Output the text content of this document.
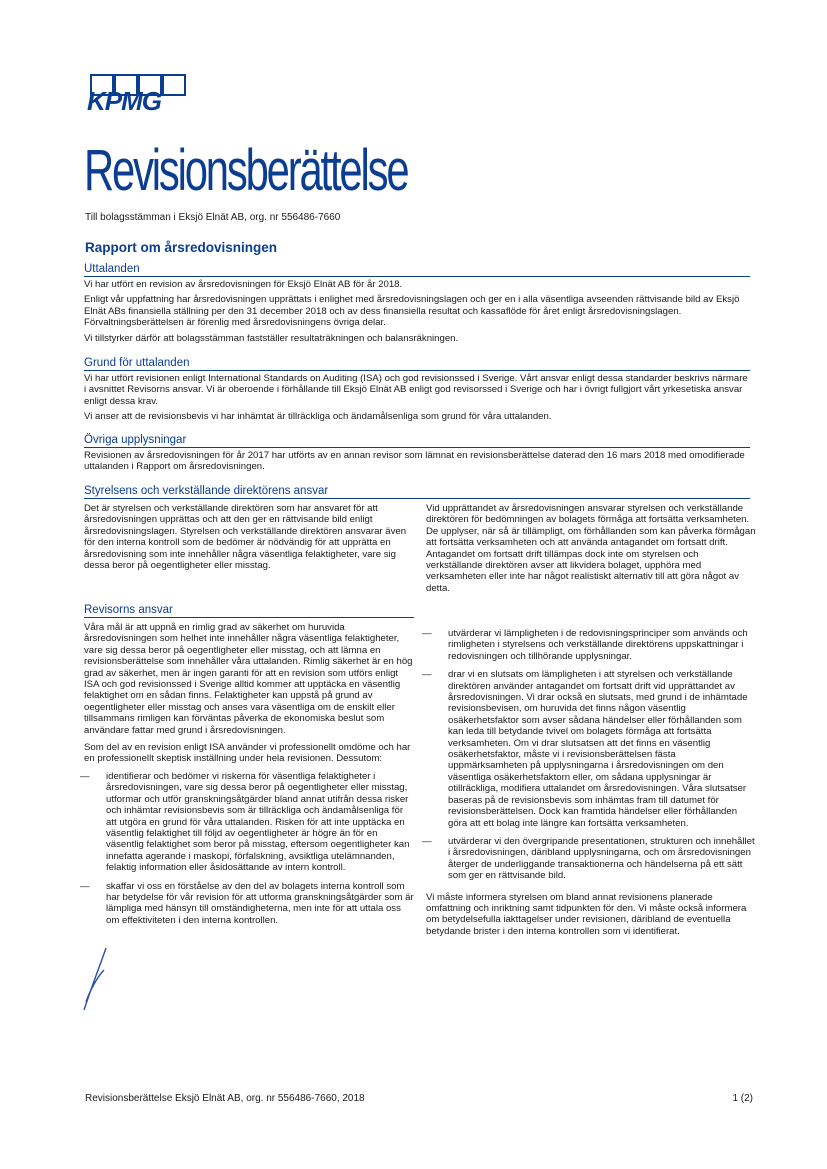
KPMG
Revisionsberättelse
Till bolagsstämman i Eksjö Elnät AB, org. nr 556486-7660
Rapport om årsredovisningen
Uttalanden

Vi har utfört en revision av årsredovisningen för Eksjö Elnät AB för år 2018.

Enligt vår uppfattning har årsredovisningen upprättats i enlighet med årsredovisningslagen och ger en i alla väsentliga avseenden rättvisande bild av Eksjö Elnät ABs finansiella ställning per den 31 december 2018 och av dess finansiella resultat och kassaflöde för året enligt årsredovisningslagen. Förvaltningsberättelsen är förenlig med årsredovisningens övriga delar.

Vi tillstyrker därför att bolagsstämman fastställer resultaträkningen och balansräkningen.

Grund för uttalanden

Vi har utfört revisionen enligt International Standards on Auditing (ISA) och god revisionssed i Sverige. Vårt ansvar enligt dessa standarder beskrivs närmare i avsnittet Revisorns ansvar. Vi är oberoende i förhållande till Eksjö Elnät AB enligt god revisorssed i Sverige och har i övrigt fullgjort vårt yrkesetiska ansvar enligt dessa krav.

Vi anser att de revisionsbevis vi har inhämtat är tillräckliga och ändamålsenliga som grund för våra uttalanden.

Övriga upplysningar

Revisionen av årsredovisningen för år 2017 har utförts av en annan revisor som lämnat en revisionsberättelse daterad den 16 mars 2018 med omodifierade uttalanden i Rapport om årsredovisningen.

Styrelsens och verkställande direktörens ansvar
Det är styrelsen och verkställande direktören som har ansvaret för att årsredovisningen upprättas och att den ger en rättvisande bild enligt årsredovisningslagen. Styrelsen och verkställande direktören ansvarar även för den interna kontroll som de bedömer är nödvändig för att upprätta en årsredovisning som inte innehåller några väsentliga felaktigheter, vare sig dessa beror på oegentligheter eller misstag.
Vid upprättandet av årsredovisningen ansvarar styrelsen och verkställande direktören för bedömningen av bolagets förmåga att fortsätta verksamheten. De upplyser, när så är tillämpligt, om förhållanden som kan påverka förmågan att fortsätta verksamheten och att använda antagandet om fortsatt drift. Antagandet om fortsatt drift tillämpas dock inte om styrelsen och verkställande direktören avser att likvidera bolaget, upphöra med verksamheten eller inte har något realistiskt alternativ till att göra något av detta.
Revisorns ansvar

Våra mål är att uppnå en rimlig grad av säkerhet om huruvida årsredovisningen som helhet inte innehåller några väsentliga felaktigheter, vare sig dessa beror på oegentligheter eller misstag, och att lämna en revisionsberättelse som innehåller våra uttalanden. Rimlig säkerhet är en hög grad av säkerhet, men är ingen garanti för att en revision som utförs enligt ISA och god revisionssed i Sverige alltid kommer att upptäcka en väsentlig felaktighet om en sådan finns. Felaktigheter kan uppstå på grund av oegentligheter eller misstag och anses vara väsentliga om de enskilt eller tillsammans rimligen kan förväntas påverka de ekonomiska beslut som användare fattar med grund i årsredovisningen.

Som del av en revision enligt ISA använder vi professionellt omdöme och har en professionellt skeptisk inställning under hela revisionen. Dessutom:

— identifierar och bedömer vi riskerna för väsentliga felaktigheter i årsredovisningen, vare sig dessa beror på oegentligheter eller misstag, utformar och utför granskningsåtgärder bland annat utifrån dessa risker och inhämtar revisionsbevis som är tillräckliga och ändamålsenliga för att utgöra en grund för våra uttalanden. Risken för att inte upptäcka en väsentlig felaktighet till följd av oegentligheter är högre än för en väsentlig felaktighet som beror på misstag, eftersom oegentligheter kan innefatta agerande i maskopi, förfalskning, avsiktliga utelämnanden, felaktig information eller åsidosättande av intern kontroll.
— skaffar vi oss en förståelse av den del av bolagets interna kontroll som har betydelse för vår revision för att utforma granskningsåtgärder som är lämpliga med hänsyn till omständigheterna, men inte för att uttala oss om effektiviteten i den interna kontrollen.
— utvärderar vi lämpligheten i de redovisningsprinciper som används och rimligheten i styrelsens och verkställande direktörens uppskattningar i redovisningen och tillhörande upplysningar.
— drar vi en slutsats om lämpligheten i att styrelsen och verkställande direktören använder antagandet om fortsatt drift vid upprättandet av årsredovisningen. Vi drar också en slutsats, med grund i de inhämtade revisionsbevisen, om huruvida det finns någon väsentlig osäkerhetsfaktor som avser sådana händelser eller förhållanden som kan leda till betydande tvivel om bolagets förmåga att fortsätta verksamheten. Om vi drar slutsatsen att det finns en väsentlig osäkerhetsfaktor, måste vi i revisionsberättelsen fästa uppmärksamheten på upplysningarna i årsredovisningen om den väsentliga osäkerhetsfaktorn eller, om sådana upplysningar är otillräckliga, modifiera uttalandet om årsredovisningen. Våra slutsatser baseras på de revisionsbevis som inhämtas fram till datumet för revisionsberättelsen. Dock kan framtida händelser eller förhållanden göra att ett bolag inte längre kan fortsätta verksamheten.
— utvärderar vi den övergripande presentationen, strukturen och innehållet i årsredovisningen, däribland upplysningarna, och om årsredovisningen återger de underliggande transaktionerna och händelserna på ett sätt som ger en rättvisande bild.

Vi måste informera styrelsen om bland annat revisionens planerade omfattning och inriktning samt tidpunkten för den. Vi måste också informera om betydelsefulla iakttagelser under revisionen, däribland de eventuella betydande brister i den interna kontrollen som vi identifierat.

Revisionsberättelse Eksjö Elnät AB, org. nr 556486-7660, 2018	1 (2)
